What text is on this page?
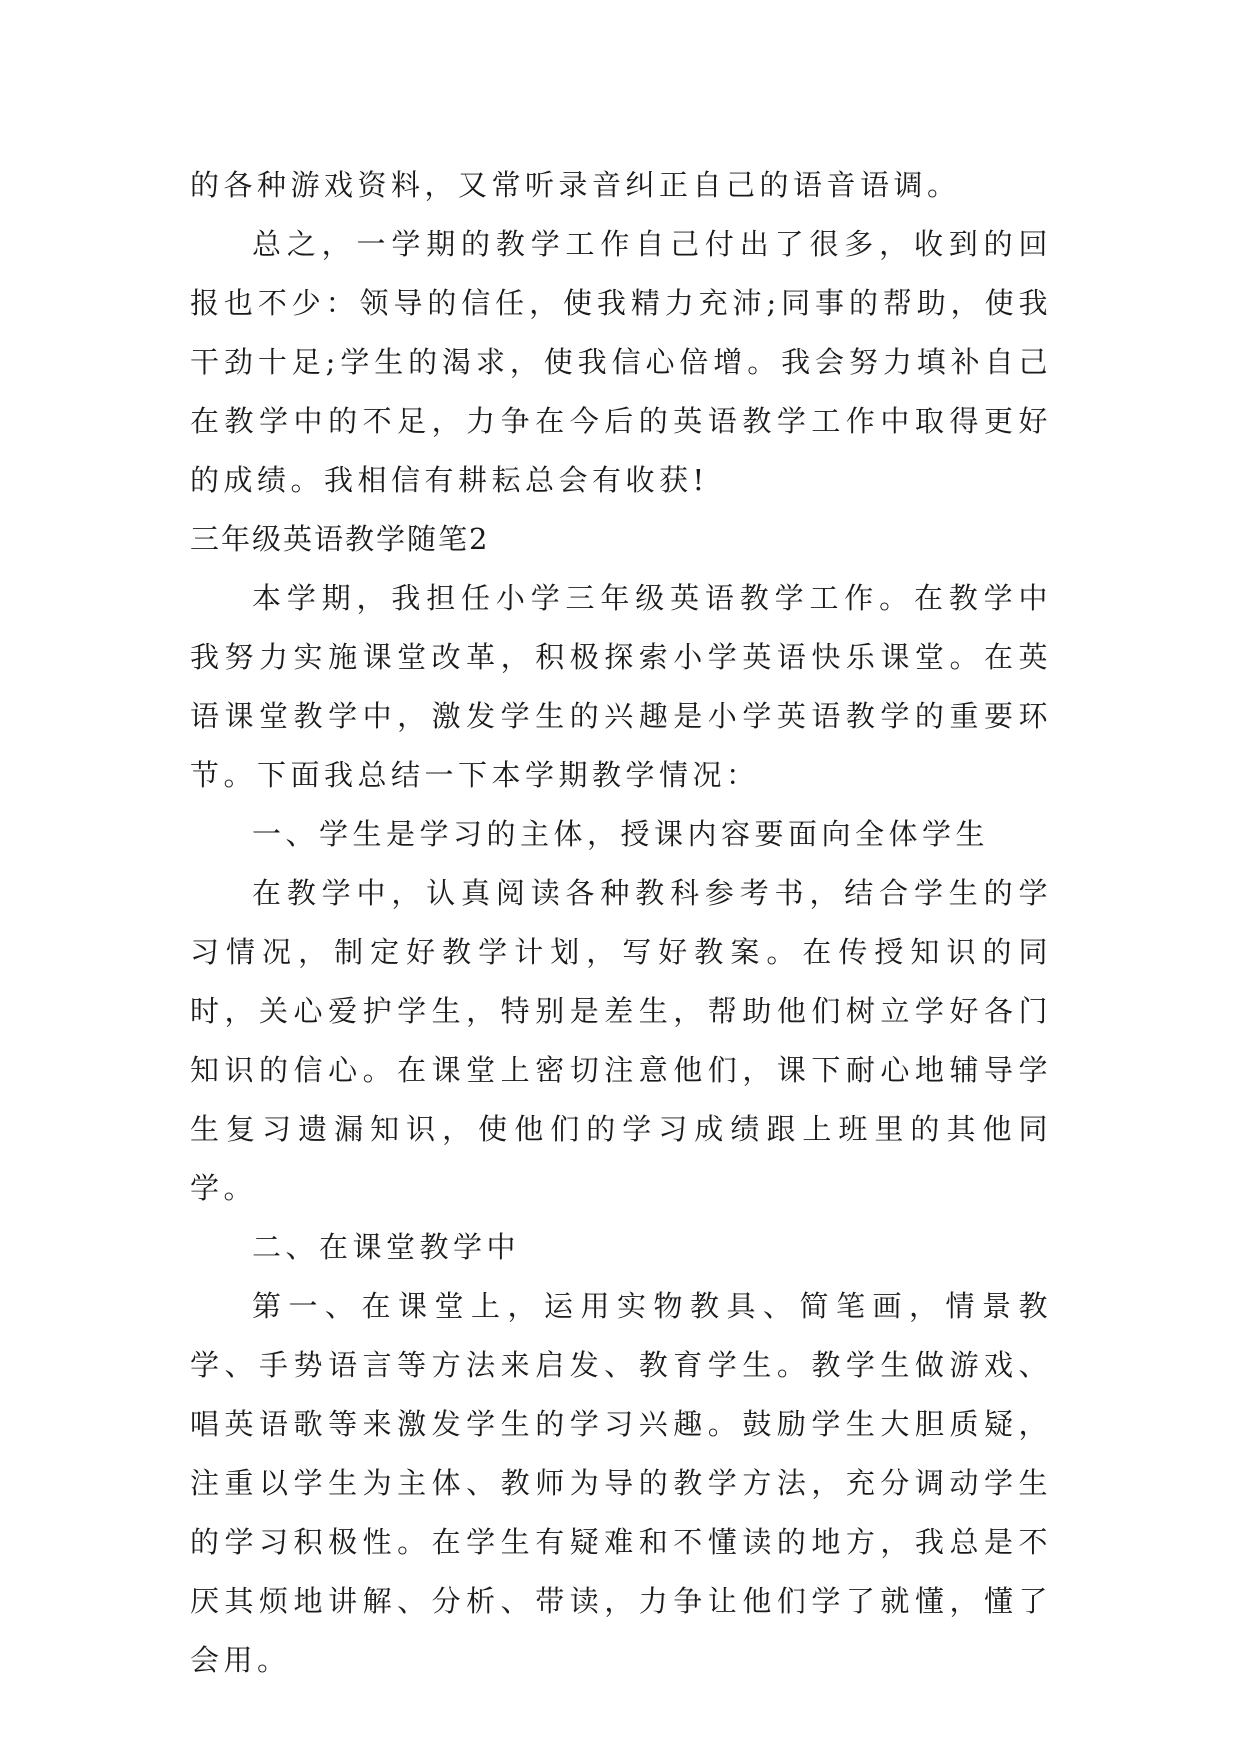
的各种游戏资料，又常听录音纠正自己的语音语调。

总之，一学期的教学工作自己付出了很多，收到的回报也不少：领导的信任，使我精力充沛;同事的帮助，使我干劲十足;学生的渴求，使我信心倍增。我会努力填补自己在教学中的不足，力争在今后的英语教学工作中取得更好的成绩。我相信有耕耘总会有收获!

三年级英语教学随笔2

本学期，我担任小学三年级英语教学工作。在教学中我努力实施课堂改革，积极探索小学英语快乐课堂。在英语课堂教学中，激发学生的兴趣是小学英语教学的重要环节。下面我总结一下本学期教学情况：

一、学生是学习的主体，授课内容要面向全体学生

在教学中，认真阅读各种教科参考书，结合学生的学习情况，制定好教学计划，写好教案。在传授知识的同时，关心爱护学生，特别是差生，帮助他们树立学好各门知识的信心。在课堂上密切注意他们，课下耐心地辅导学生复习遗漏知识，使他们的学习成绩跟上班里的其他同学。

二、在课堂教学中

第一、在课堂上，运用实物教具、简笔画，情景教学、手势语言等方法来启发、教育学生。教学生做游戏、唱英语歌等来激发学生的学习兴趣。鼓励学生大胆质疑，注重以学生为主体、教师为导的教学方法，充分调动学生的学习积极性。在学生有疑难和不懂读的地方，我总是不厌其烦地讲解、分析、带读，力争让他们学了就懂，懂了会用。
